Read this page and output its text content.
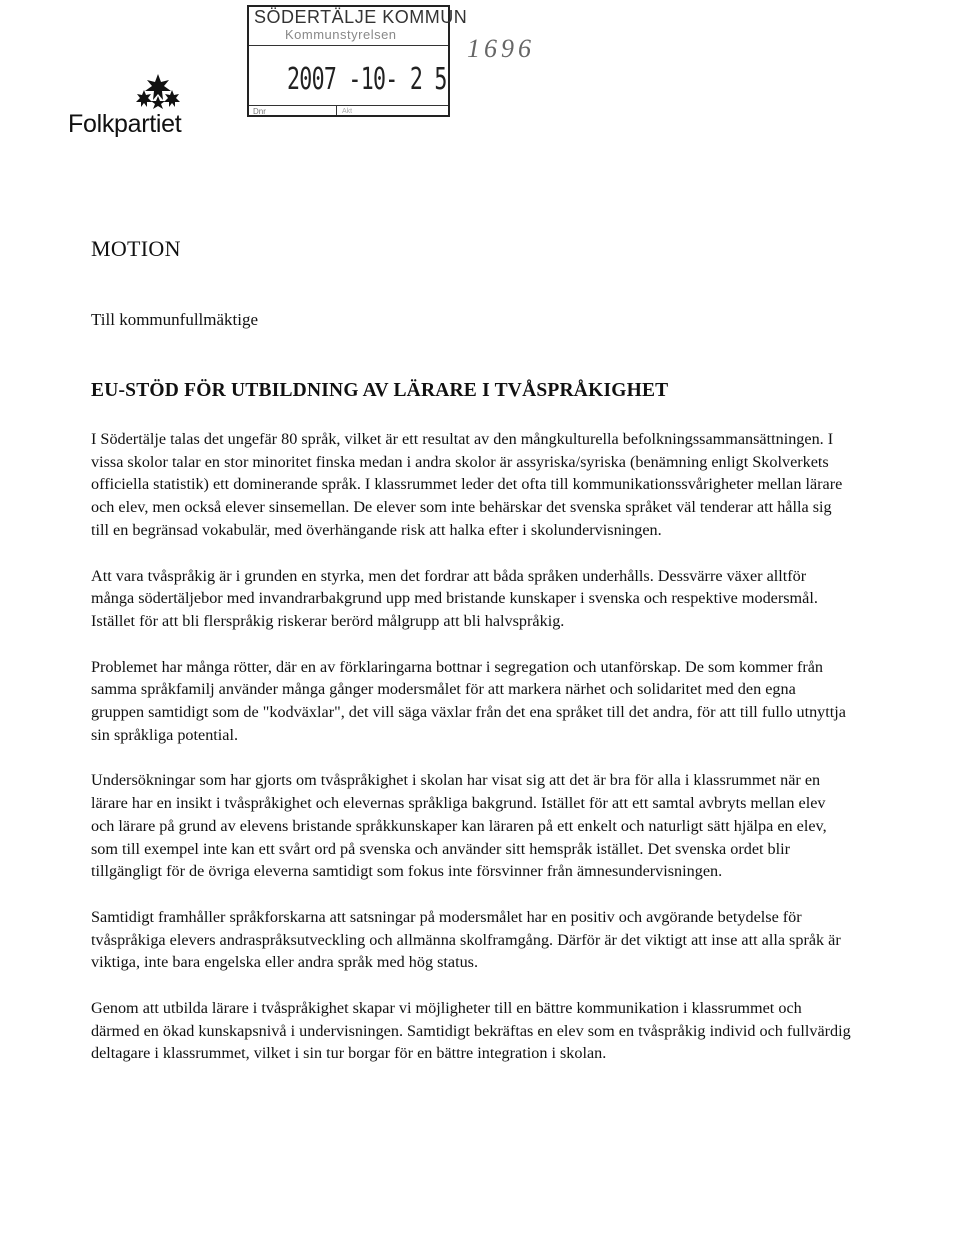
Folkpartiet
SÖDERTÄLJE KOMMUN
Kommunstyrelsen
2007 -10- 2 5
Dnr	Akt
1696
MOTION
Till kommunfullmäktige
EU-STÖD FÖR UTBILDNING AV LÄRARE I TVÅSPRÅKIGHET

I Södertälje talas det ungefär 80 språk, vilket är ett resultat av den mångkulturella befolkningssammansättningen. I vissa skolor talar en stor minoritet finska medan i andra skolor är assyriska/syriska (benämning enligt Skolverkets officiella statistik) ett dominerande språk. I klassrummet leder det ofta till kommunikationssvårigheter mellan lärare och elev, men också elever sinsemellan. De elever som inte behärskar det svenska språket väl tenderar att hålla sig till en begränsad vokabulär, med överhängande risk att halka efter i skolundervisningen.

Att vara tvåspråkig är i grunden en styrka, men det fordrar att båda språken underhålls. Dessvärre växer alltför många södertäljebor med invandrarbakgrund upp med bristande kunskaper i svenska och respektive modersmål. Istället för att bli flerspråkig riskerar berörd målgrupp att bli halvspråkig.

Problemet har många rötter, där en av förklaringarna bottnar i segregation och utanförskap. De som kommer från samma språkfamilj använder många gånger modersmålet för att markera närhet och solidaritet med den egna gruppen samtidigt som de "kodväxlar", det vill säga växlar från det ena språket till det andra, för att till fullo utnyttja sin språkliga potential.

Undersökningar som har gjorts om tvåspråkighet i skolan har visat sig att det är bra för alla i klassrummet när en lärare har en insikt i tvåspråkighet och elevernas språkliga bakgrund. Istället för att ett samtal avbryts mellan elev och lärare på grund av elevens bristande språkkunskaper kan läraren på ett enkelt och naturligt sätt hjälpa en elev, som till exempel inte kan ett svårt ord på svenska och använder sitt hemspråk istället. Det svenska ordet blir tillgängligt för de övriga eleverna samtidigt som fokus inte försvinner från ämnesundervisningen.

Samtidigt framhåller språkforskarna att satsningar på modersmålet har en positiv och avgörande betydelse för tvåspråkiga elevers andraspråksutveckling och allmänna skolframgång. Därför är det viktigt att inse att alla språk är viktiga, inte bara engelska eller andra språk med hög status.

Genom att utbilda lärare i tvåspråkighet skapar vi möjligheter till en bättre kommunikation i klassrummet och därmed en ökad kunskapsnivå i undervisningen. Samtidigt bekräftas en elev som en tvåspråkig individ och fullvärdig deltagare i klassrummet, vilket i sin tur borgar för en bättre integration i skolan.
